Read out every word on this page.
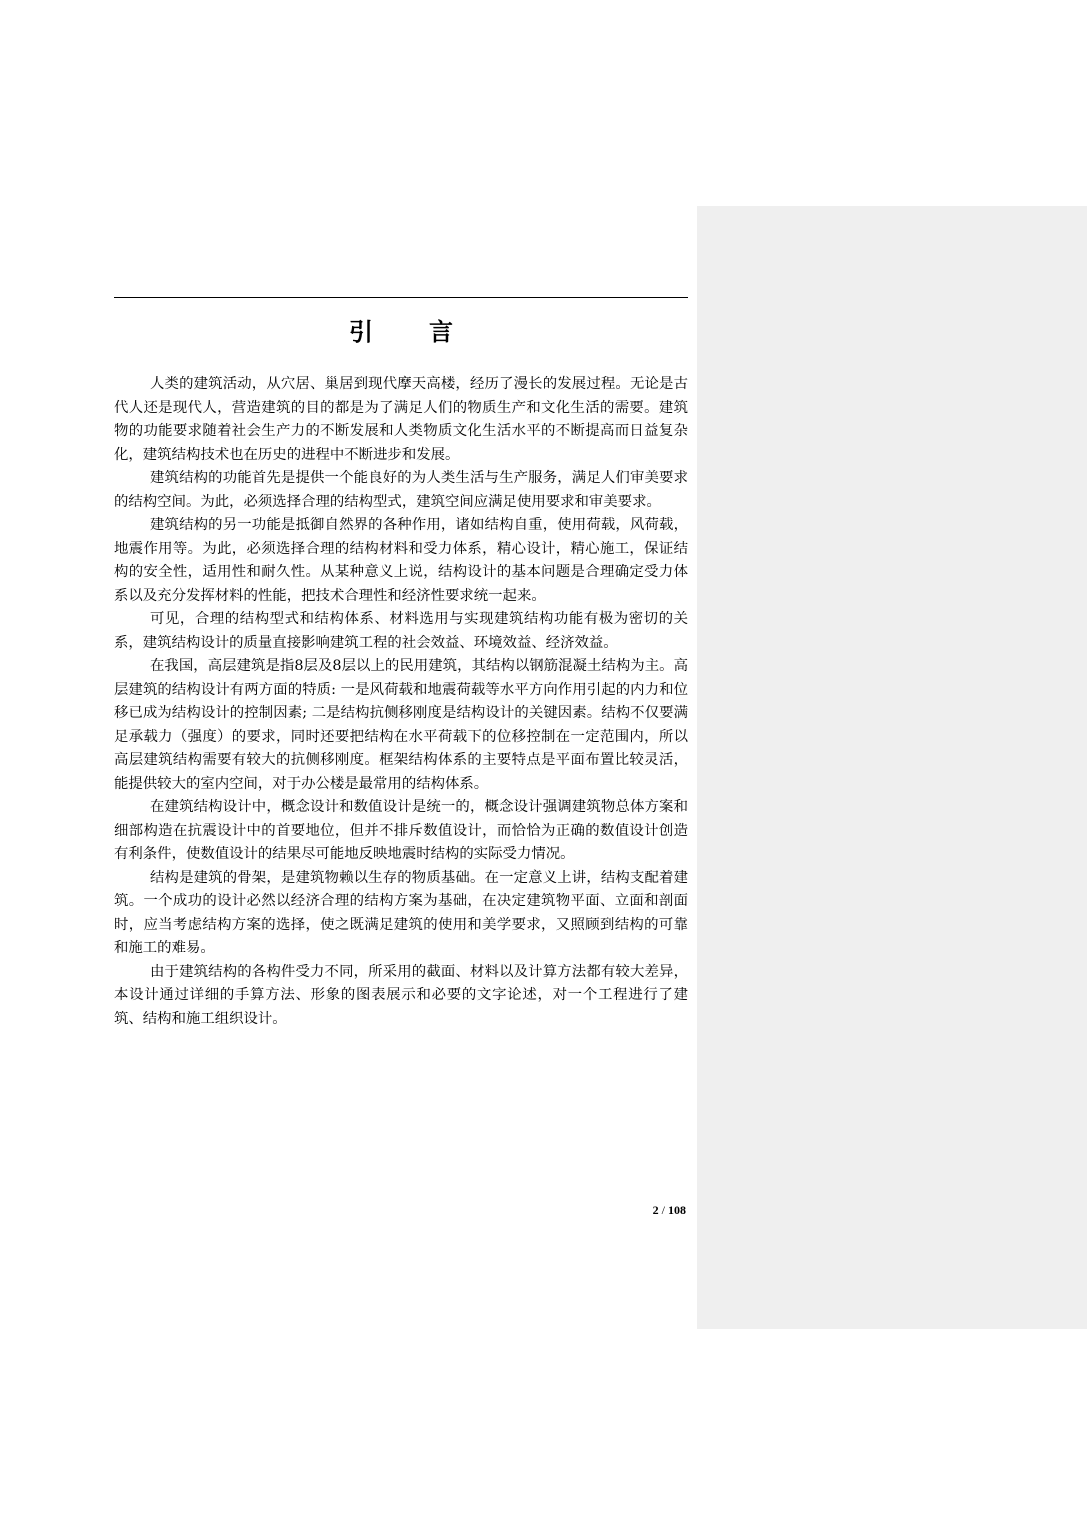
引言

人类的建筑活动，从穴居、巢居到现代摩天高楼，经历了漫长的发展过程。无论是古代人还是现代人，营造建筑的目的都是为了满足人们的物质生产和文化生活的需要。建筑物的功能要求随着社会生产力的不断发展和人类物质文化生活水平的不断提高而日益复杂化，建筑结构技术也在历史的进程中不断进步和发展。

建筑结构的功能首先是提供一个能良好的为人类生活与生产服务，满足人们审美要求的结构空间。为此，必须选择合理的结构型式，建筑空间应满足使用要求和审美要求。

建筑结构的另一功能是抵御自然界的各种作用，诸如结构自重，使用荷载，风荷载，地震作用等。为此，必须选择合理的结构材料和受力体系，精心设计，精心施工，保证结构的安全性，适用性和耐久性。从某种意义上说，结构设计的基本问题是合理确定受力体系以及充分发挥材料的性能，把技术合理性和经济性要求统一起来。

可见，合理的结构型式和结构体系、材料选用与实现建筑结构功能有极为密切的关系，建筑结构设计的质量直接影响建筑工程的社会效益、环境效益、经济效益。

在我国，高层建筑是指8层及8层以上的民用建筑，其结构以钢筋混凝土结构为主。高层建筑的结构设计有两方面的特质: 一是风荷载和地震荷载等水平方向作用引起的内力和位移已成为结构设计的控制因素; 二是结构抗侧移刚度是结构设计的关键因素。结构不仅要满足承载力（强度）的要求，同时还要把结构在水平荷载下的位移控制在一定范围内，所以高层建筑结构需要有较大的抗侧移刚度。框架结构体系的主要特点是平面布置比较灵活，能提供较大的室内空间，对于办公楼是最常用的结构体系。

在建筑结构设计中，概念设计和数值设计是统一的，概念设计强调建筑物总体方案和细部构造在抗震设计中的首要地位，但并不排斥数值设计，而恰恰为正确的数值设计创造有利条件，使数值设计的结果尽可能地反映地震时结构的实际受力情况。

结构是建筑的骨架，是建筑物赖以生存的物质基础。在一定意义上讲，结构支配着建筑。一个成功的设计必然以经济合理的结构方案为基础，在决定建筑物平面、立面和剖面时，应当考虑结构方案的选择，使之既满足建筑的使用和美学要求，又照顾到结构的可靠和施工的难易。

由于建筑结构的各构件受力不同，所采用的截面、材料以及计算方法都有较大差异，本设计通过详细的手算方法、形象的图表展示和必要的文字论述，对一个工程进行了建筑、结构和施工组织设计。

2 / 108
